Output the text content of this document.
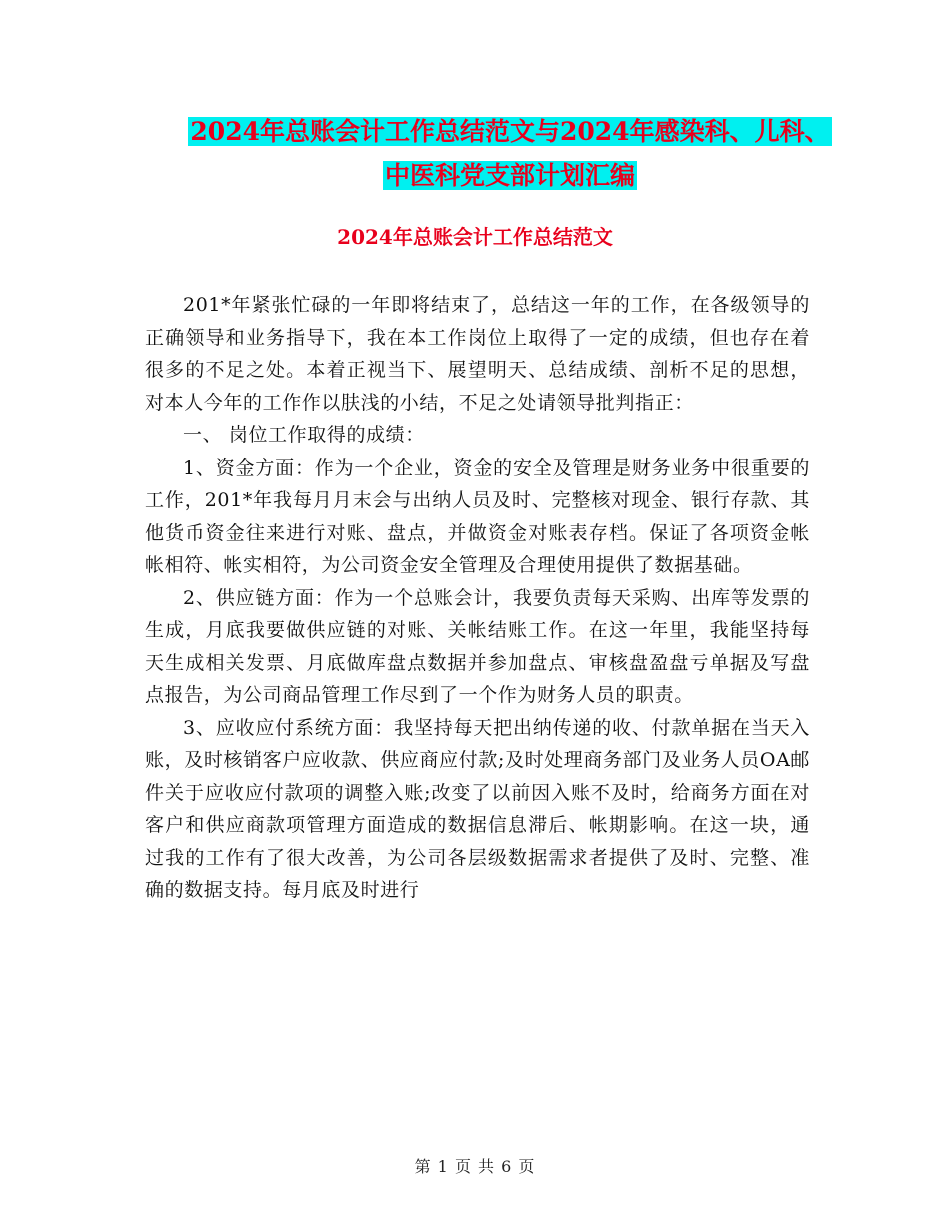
2024年总账会计工作总结范文与2024年感染科、儿科、
中医科党支部计划汇编
2024年总账会计工作总结范文

201*年紧张忙碌的一年即将结束了，总结这一年的工作，在各级领导的正确领导和业务指导下，我在本工作岗位上取得了一定的成绩，但也存在着很多的不足之处。本着正视当下、展望明天、总结成绩、剖析不足的思想，对本人今年的工作作以肤浅的小结，不足之处请领导批判指正：

一、 岗位工作取得的成绩：

1、资金方面：作为一个企业，资金的安全及管理是财务业务中很重要的工作，201*年我每月月末会与出纳人员及时、完整核对现金、银行存款、其他货币资金往来进行对账、盘点，并做资金对账表存档。保证了各项资金帐帐相符、帐实相符，为公司资金安全管理及合理使用提供了数据基础。

2、供应链方面：作为一个总账会计，我要负责每天采购、出库等发票的生成，月底我要做供应链的对账、关帐结账工作。在这一年里，我能坚持每天生成相关发票、月底做库盘点数据并参加盘点、审核盘盈盘亏单据及写盘点报告，为公司商品管理工作尽到了一个作为财务人员的职责。

3、应收应付系统方面：我坚持每天把出纳传递的收、付款单据在当天入账，及时核销客户应收款、供应商应付款;及时处理商务部门及业务人员OA邮件关于应收应付款项的调整入账;改变了以前因入账不及时，给商务方面在对客户和供应商款项管理方面造成的数据信息滞后、帐期影响。在这一块，通过我的工作有了很大改善，为公司各层级数据需求者提供了及时、完整、准确的数据支持。每月底及时进行

第 1 页 共 6 页
